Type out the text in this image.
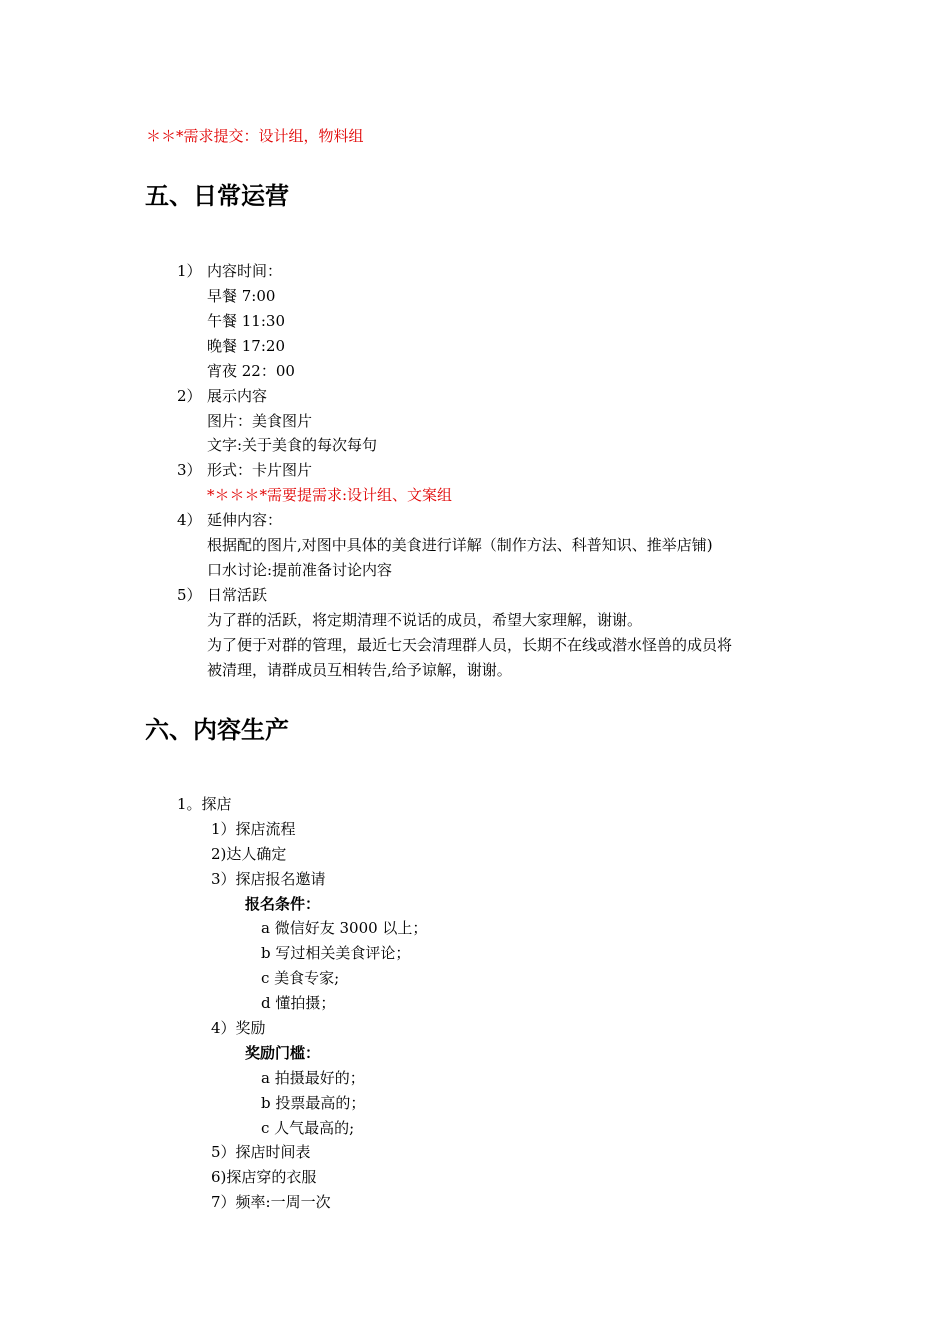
＊＊*需求提交：设计组，物料组
五、日常运营
1） 内容时间：
早餐 7:00
午餐 11:30
晚餐 17:20
宵夜 22：00
2） 展示内容
图片：美食图片
文字:关于美食的每次每句
3） 形式：卡片图片
*＊＊＊*需要提需求:设计组、文案组
4） 延伸内容：
根据配的图片,对图中具体的美食进行详解（制作方法、科普知识、推举店铺)
口水讨论:提前准备讨论内容
5） 日常活跃
为了群的活跃，将定期清理不说话的成员，希望大家理解，谢谢。
为了便于对群的管理，最近七天会清理群人员，长期不在线或潜水怪兽的成员将
被清理，请群成员互相转告,给予谅解，谢谢。
六、内容生产
1。探店
1）探店流程
2)达人确定
3）探店报名邀请
报名条件：
a 微信好友 3000 以上；
b 写过相关美食评论；
c 美食专家;
d 懂拍摄；
4）奖励
奖励门槛：
a 拍摄最好的；
b 投票最高的；
c 人气最高的;
5）探店时间表
6)探店穿的衣服
7）频率:一周一次
